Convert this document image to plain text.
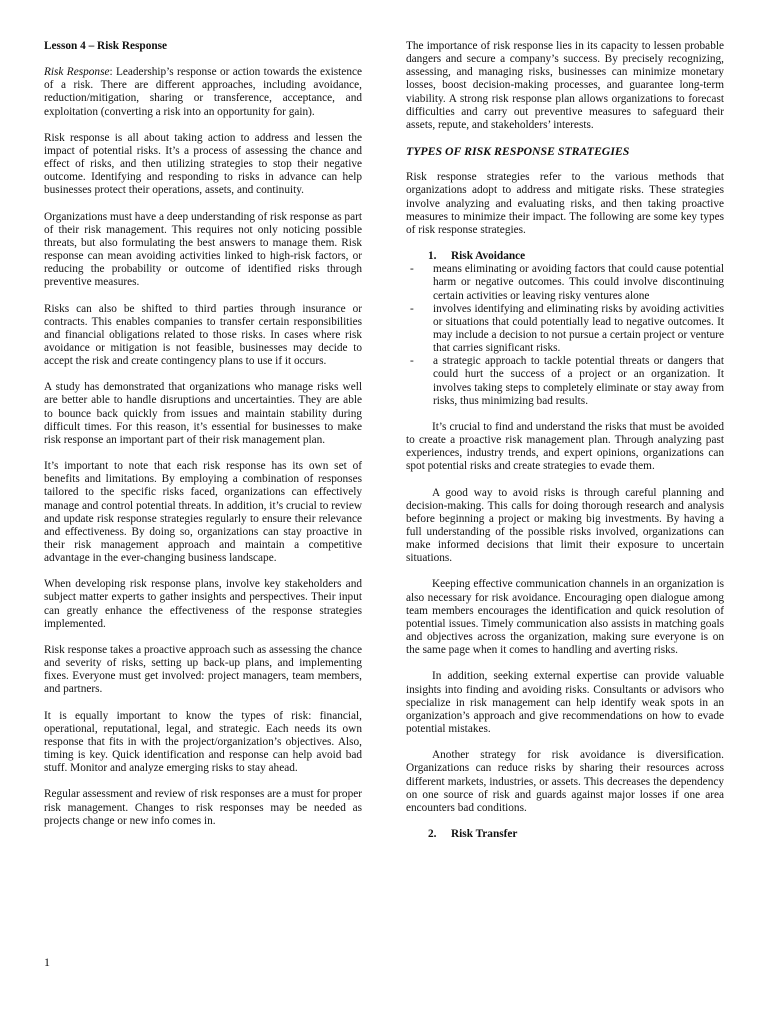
Lesson 4 – Risk Response

Risk Response: Leadership’s response or action towards the existence of a risk. There are different approaches, including avoidance, reduction/mitigation, sharing or transference, acceptance, and exploitation (converting a risk into an opportunity for gain).

Risk response is all about taking action to address and lessen the impact of potential risks. It’s a process of assessing the chance and effect of risks, and then utilizing strategies to stop their negative outcome. Identifying and responding to risks in advance can help businesses protect their operations, assets, and continuity.

Organizations must have a deep understanding of risk response as part of their risk management. This requires not only noticing possible threats, but also formulating the best answers to manage them. Risk response can mean avoiding activities linked to high-risk factors, or reducing the probability or outcome of identified risks through preventive measures.

Risks can also be shifted to third parties through insurance or contracts. This enables companies to transfer certain responsibilities and financial obligations related to those risks. In cases where risk avoidance or mitigation is not feasible, businesses may decide to accept the risk and create contingency plans to use if it occurs.

A study has demonstrated that organizations who manage risks well are better able to handle disruptions and uncertainties. They are able to bounce back quickly from issues and maintain stability during difficult times. For this reason, it’s essential for businesses to make risk response an important part of their risk management plan.

It’s important to note that each risk response has its own set of benefits and limitations. By employing a combination of responses tailored to the specific risks faced, organizations can effectively manage and control potential threats. In addition, it’s crucial to review and update risk response strategies regularly to ensure their relevance and effectiveness. By doing so, organizations can stay proactive in their risk management approach and maintain a competitive advantage in the ever-changing business landscape.

When developing risk response plans, involve key stakeholders and subject matter experts to gather insights and perspectives. Their input can greatly enhance the effectiveness of the response strategies implemented.

Risk response takes a proactive approach such as assessing the chance and severity of risks, setting up back-up plans, and implementing fixes. Everyone must get involved: project managers, team members, and partners.

It is equally important to know the types of risk: financial, operational, reputational, legal, and strategic. Each needs its own response that fits in with the project/organization’s objectives. Also, timing is key. Quick identification and response can help avoid bad stuff. Monitor and analyze emerging risks to stay ahead.

Regular assessment and review of risk responses are a must for proper risk management. Changes to risk responses may be needed as projects change or new info comes in.

The importance of risk response lies in its capacity to lessen probable dangers and secure a company’s success. By precisely recognizing, assessing, and managing risks, businesses can minimize monetary losses, boost decision-making processes, and guarantee long-term viability. A strong risk response plan allows organizations to forecast difficulties and carry out preventive measures to safeguard their assets, repute, and stakeholders’ interests.

TYPES OF RISK RESPONSE STRATEGIES

Risk response strategies refer to the various methods that organizations adopt to address and mitigate risks. These strategies involve analyzing and evaluating risks, and then taking proactive measures to minimize their impact. The following are some key types of risk response strategies.

1. Risk Avoidance

- means eliminating or avoiding factors that could cause potential harm or negative outcomes. This could involve discontinuing certain activities or leaving risky ventures alone
- involves identifying and eliminating risks by avoiding activities or situations that could potentially lead to negative outcomes. It may include a decision to not pursue a certain project or venture that carries significant risks.
- a strategic approach to tackle potential threats or dangers that could hurt the success of a project or an organization. It involves taking steps to completely eliminate or stay away from risks, thus minimizing bad results.

It’s crucial to find and understand the risks that must be avoided to create a proactive risk management plan. Through analyzing past experiences, industry trends, and expert opinions, organizations can spot potential risks and create strategies to evade them.

A good way to avoid risks is through careful planning and decision-making. This calls for doing thorough research and analysis before beginning a project or making big investments. By having a full understanding of the possible risks involved, organizations can make informed decisions that limit their exposure to uncertain situations.

Keeping effective communication channels in an organization is also necessary for risk avoidance. Encouraging open dialogue among team members encourages the identification and quick resolution of potential issues. Timely communication also assists in matching goals and objectives across the organization, making sure everyone is on the same page when it comes to handling and averting risks.

In addition, seeking external expertise can provide valuable insights into finding and avoiding risks. Consultants or advisors who specialize in risk management can help identify weak spots in an organization’s approach and give recommendations on how to evade potential mistakes.

Another strategy for risk avoidance is diversification. Organizations can reduce risks by sharing their resources across different markets, industries, or assets. This decreases the dependency on one source of risk and guards against major losses if one area encounters bad conditions.

2. Risk Transfer

1
